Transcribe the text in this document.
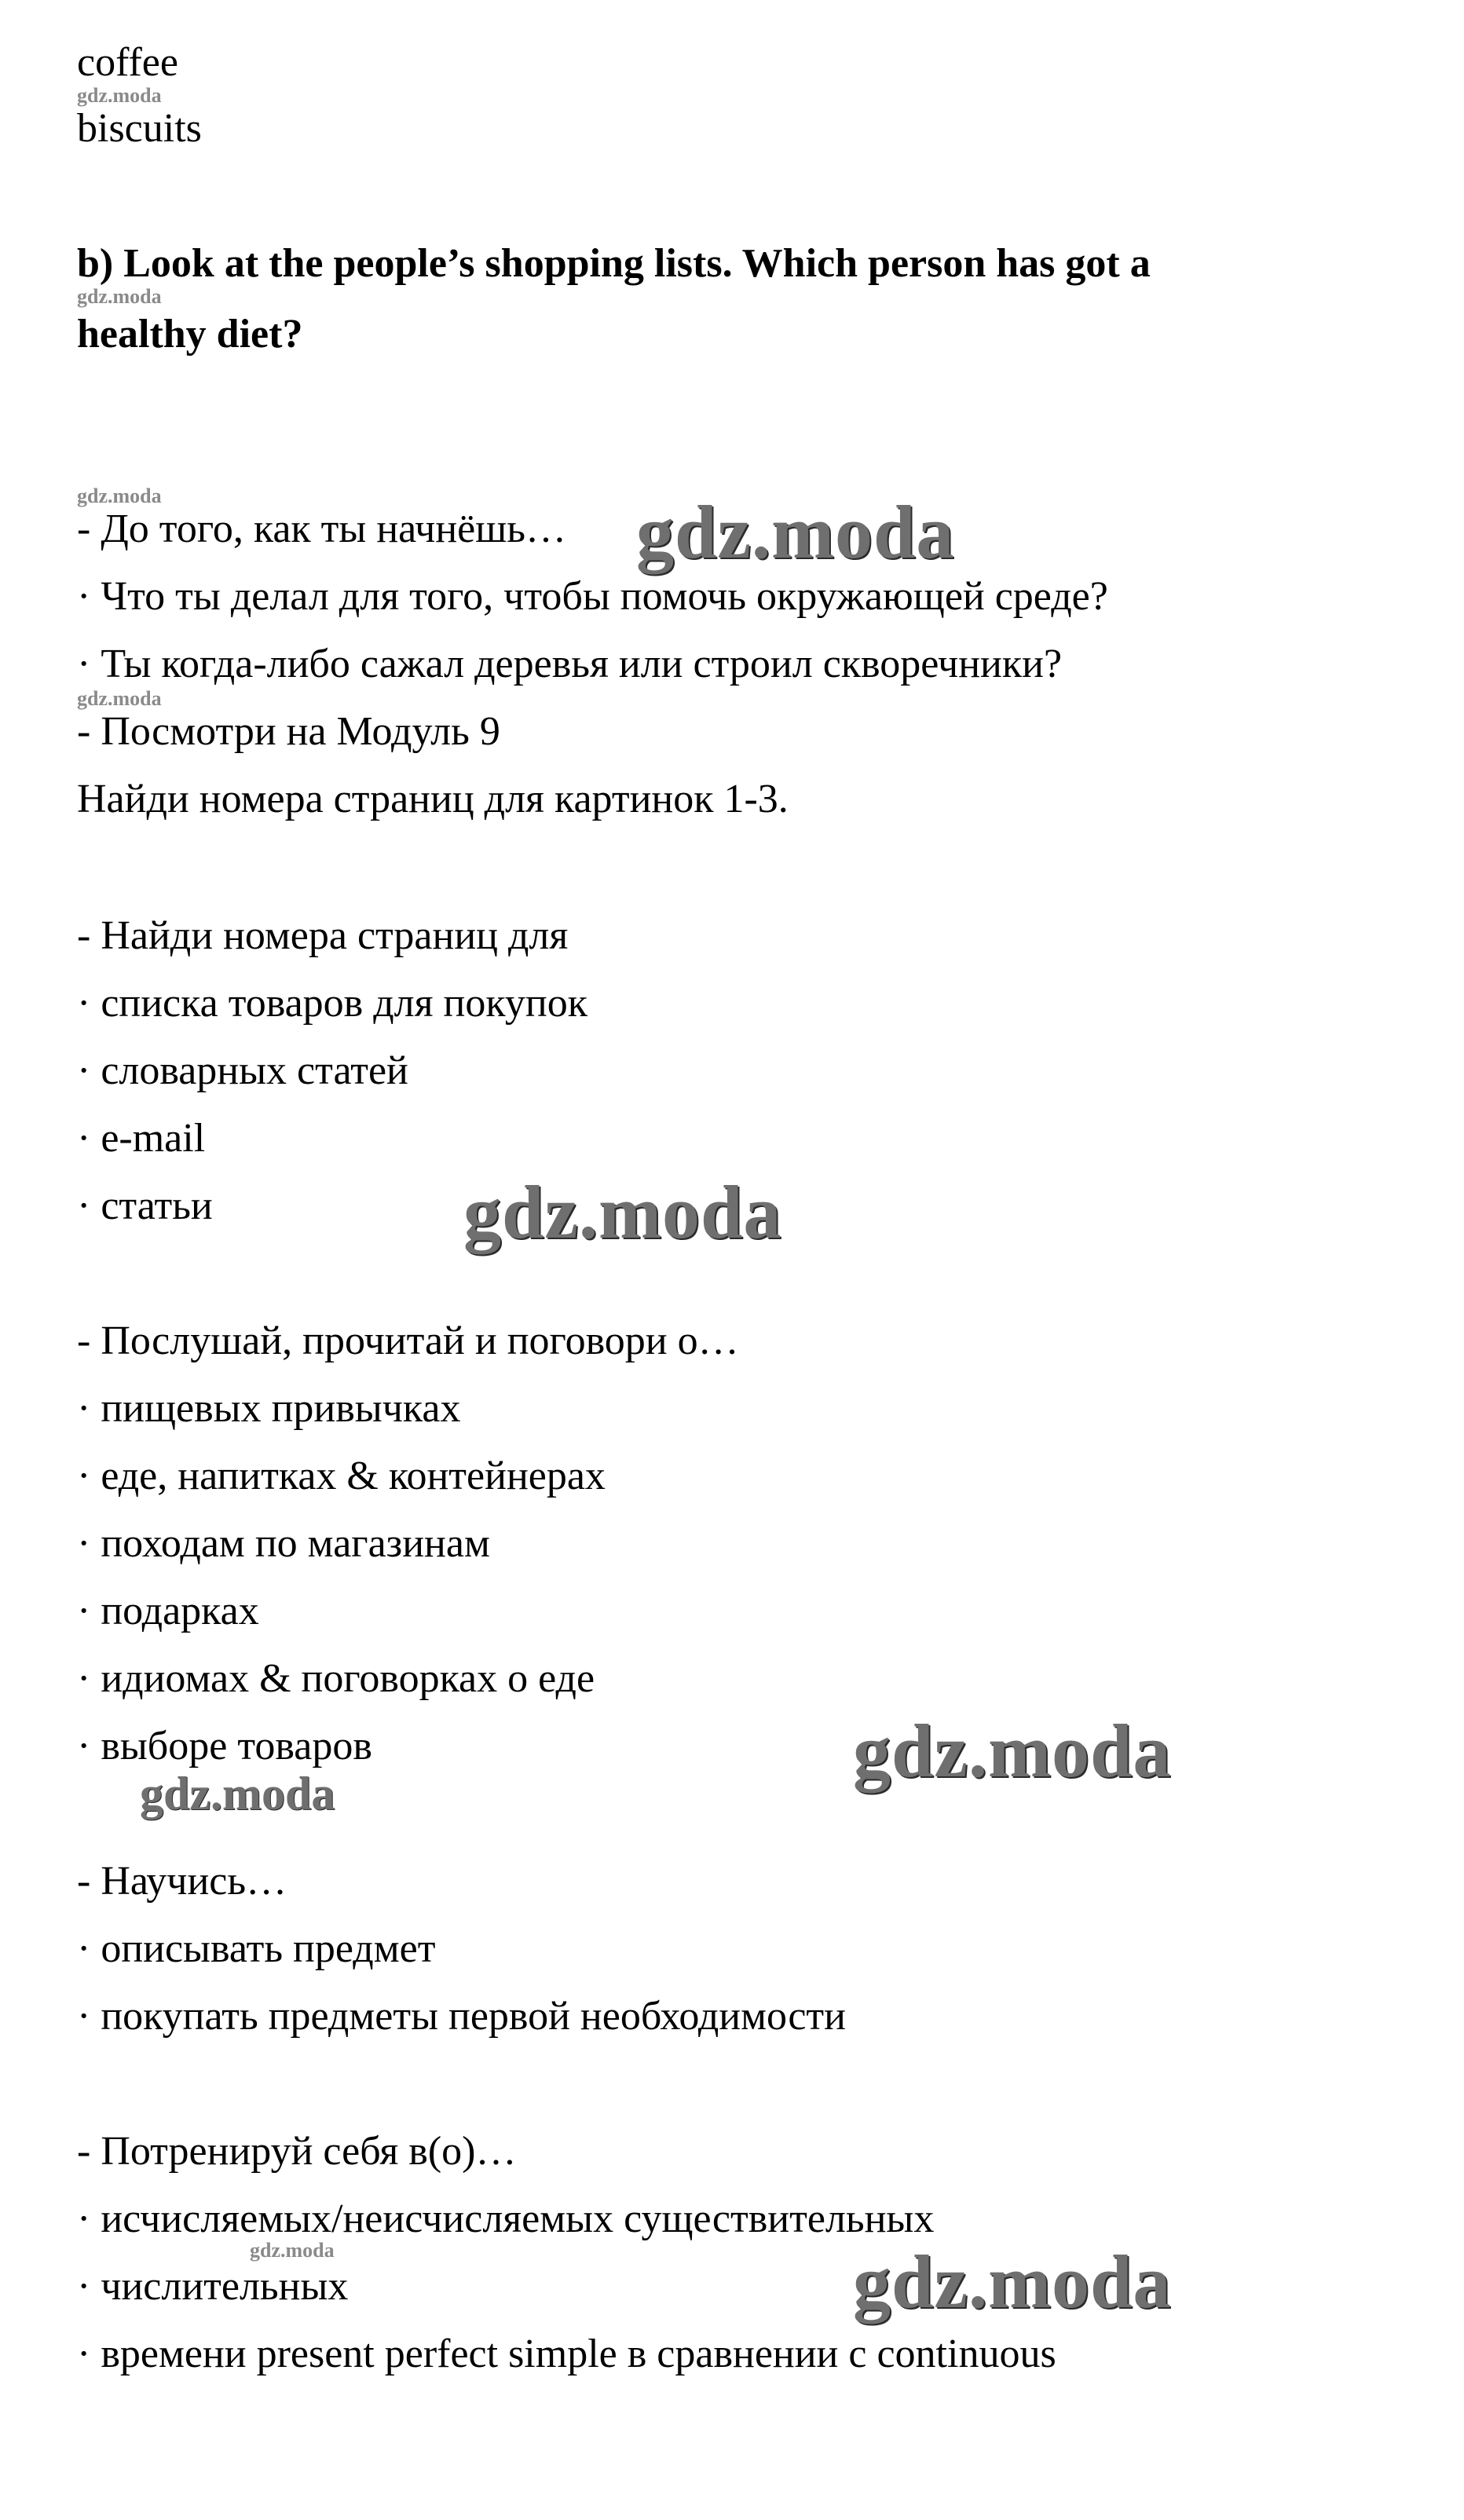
coffee
gdz.moda
biscuits
b) Look at the people’s shopping lists. Which person has got a
gdz.moda
healthy diet?
gdz.moda
- До того, как ты начнёшь… gdz.moda
· Что ты делал для того, чтобы помочь окружающей среде?
· Ты когда-либо сажал деревья или строил скворечники?
gdz.moda
- Посмотри на Модуль 9
Найди номера страниц для картинок 1-3.
- Найди номера страниц для
· списка товаров для покупок
· словарных статей
· e-mail
· статьи	gdz.moda
- Послушай, прочитай и поговори о…
· пищевых привычках
· еде, напитках & контейнерах
· походам по магазинам
· подарках
· идиомах & поговорках о еде
· выборе товаров	gdz.moda
gdz.moda
- Научись…
· описывать предмет
· покупать предметы первой необходимости
- Потренируй себя в(о)…
· исчисляемых/неисчисляемых существительных
gdz.moda
· числительных	gdz.moda
· времени present perfect simple в сравнении с continuous
